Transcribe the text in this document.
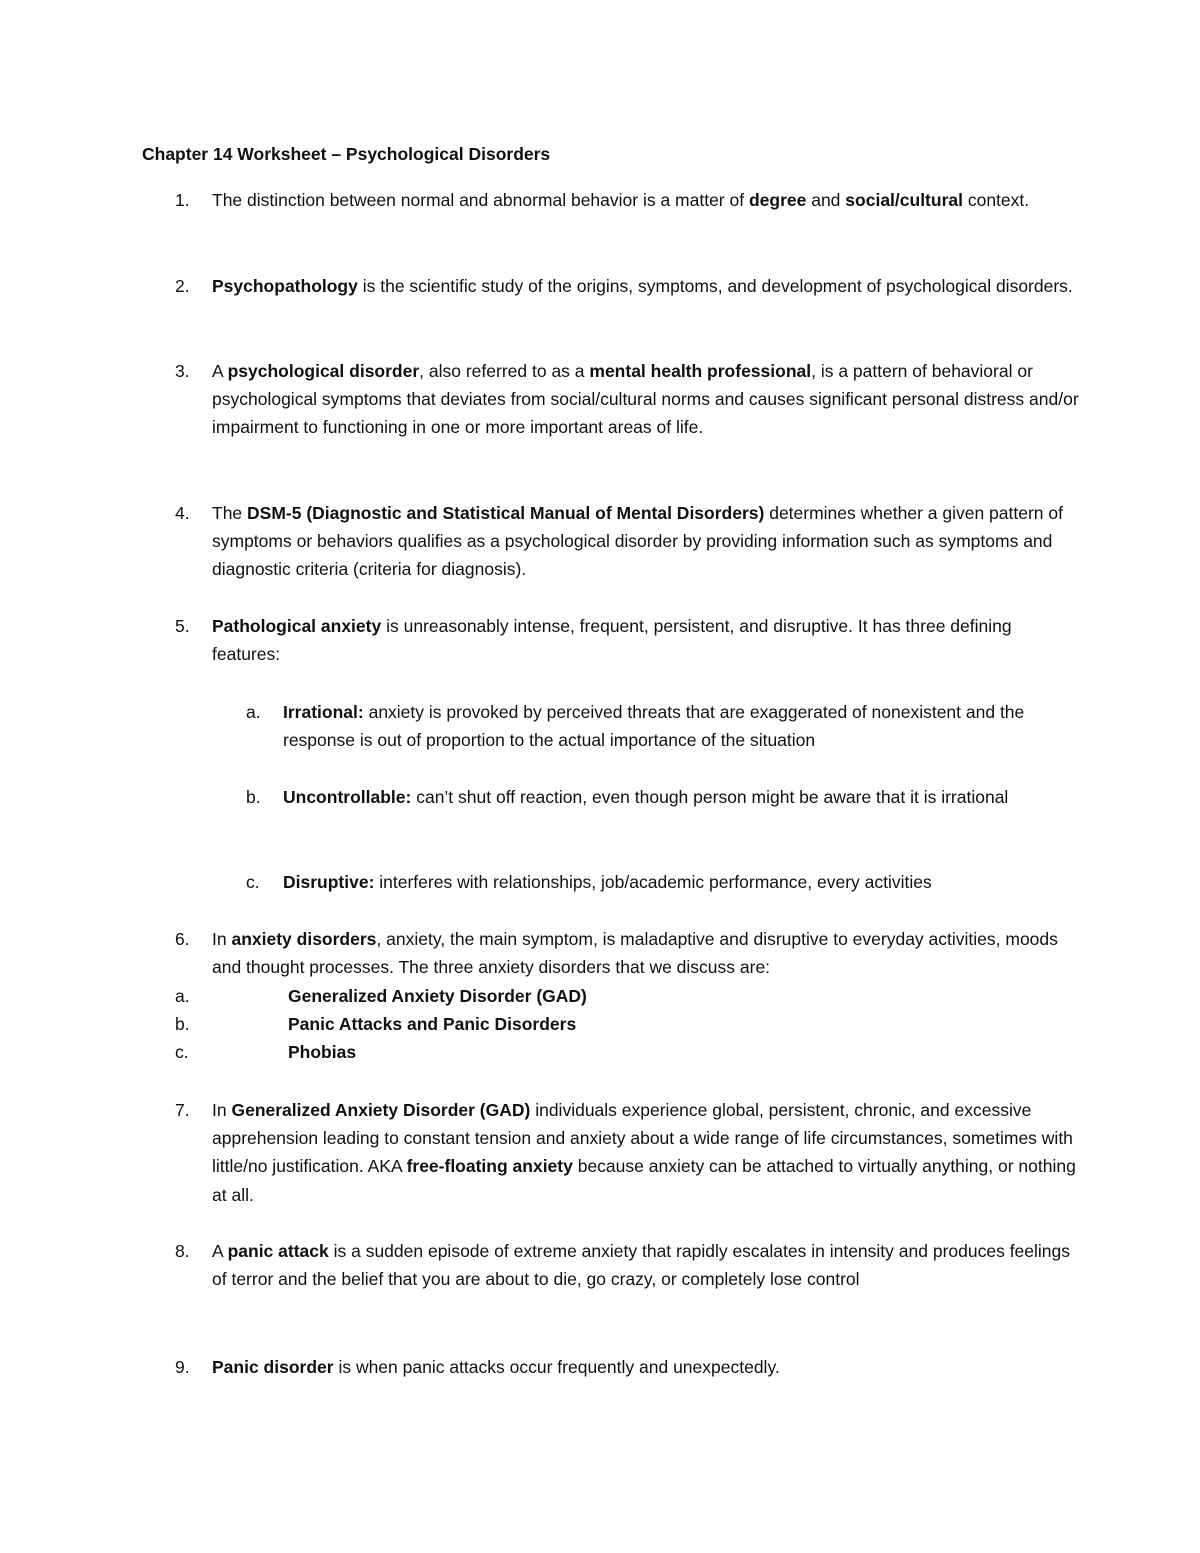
Chapter 14 Worksheet – Psychological Disorders
1. The distinction between normal and abnormal behavior is a matter of degree and social/cultural context.
2. Psychopathology is the scientific study of the origins, symptoms, and development of psychological disorders.
3. A psychological disorder, also referred to as a mental health professional, is a pattern of behavioral or psychological symptoms that deviates from social/cultural norms and causes significant personal distress and/or impairment to functioning in one or more important areas of life.
4. The DSM-5 (Diagnostic and Statistical Manual of Mental Disorders) determines whether a given pattern of symptoms or behaviors qualifies as a psychological disorder by providing information such as symptoms and diagnostic criteria (criteria for diagnosis).
5. Pathological anxiety is unreasonably intense, frequent, persistent, and disruptive. It has three defining features:
a. Irrational: anxiety is provoked by perceived threats that are exaggerated of nonexistent and the response is out of proportion to the actual importance of the situation
b. Uncontrollable: can’t shut off reaction, even though person might be aware that it is irrational
c. Disruptive: interferes with relationships, job/academic performance, every activities
6. In anxiety disorders, anxiety, the main symptom, is maladaptive and disruptive to everyday activities, moods and thought processes. The three anxiety disorders that we discuss are:
a.	Generalized Anxiety Disorder (GAD)
b.	Panic Attacks and Panic Disorders
c.	Phobias
7. In Generalized Anxiety Disorder (GAD) individuals experience global, persistent, chronic, and excessive apprehension leading to constant tension and anxiety about a wide range of life circumstances, sometimes with little/no justification. AKA free-floating anxiety because anxiety can be attached to virtually anything, or nothing at all.
8. A panic attack is a sudden episode of extreme anxiety that rapidly escalates in intensity and produces feelings of terror and the belief that you are about to die, go crazy, or completely lose control
9. Panic disorder is when panic attacks occur frequently and unexpectedly.
